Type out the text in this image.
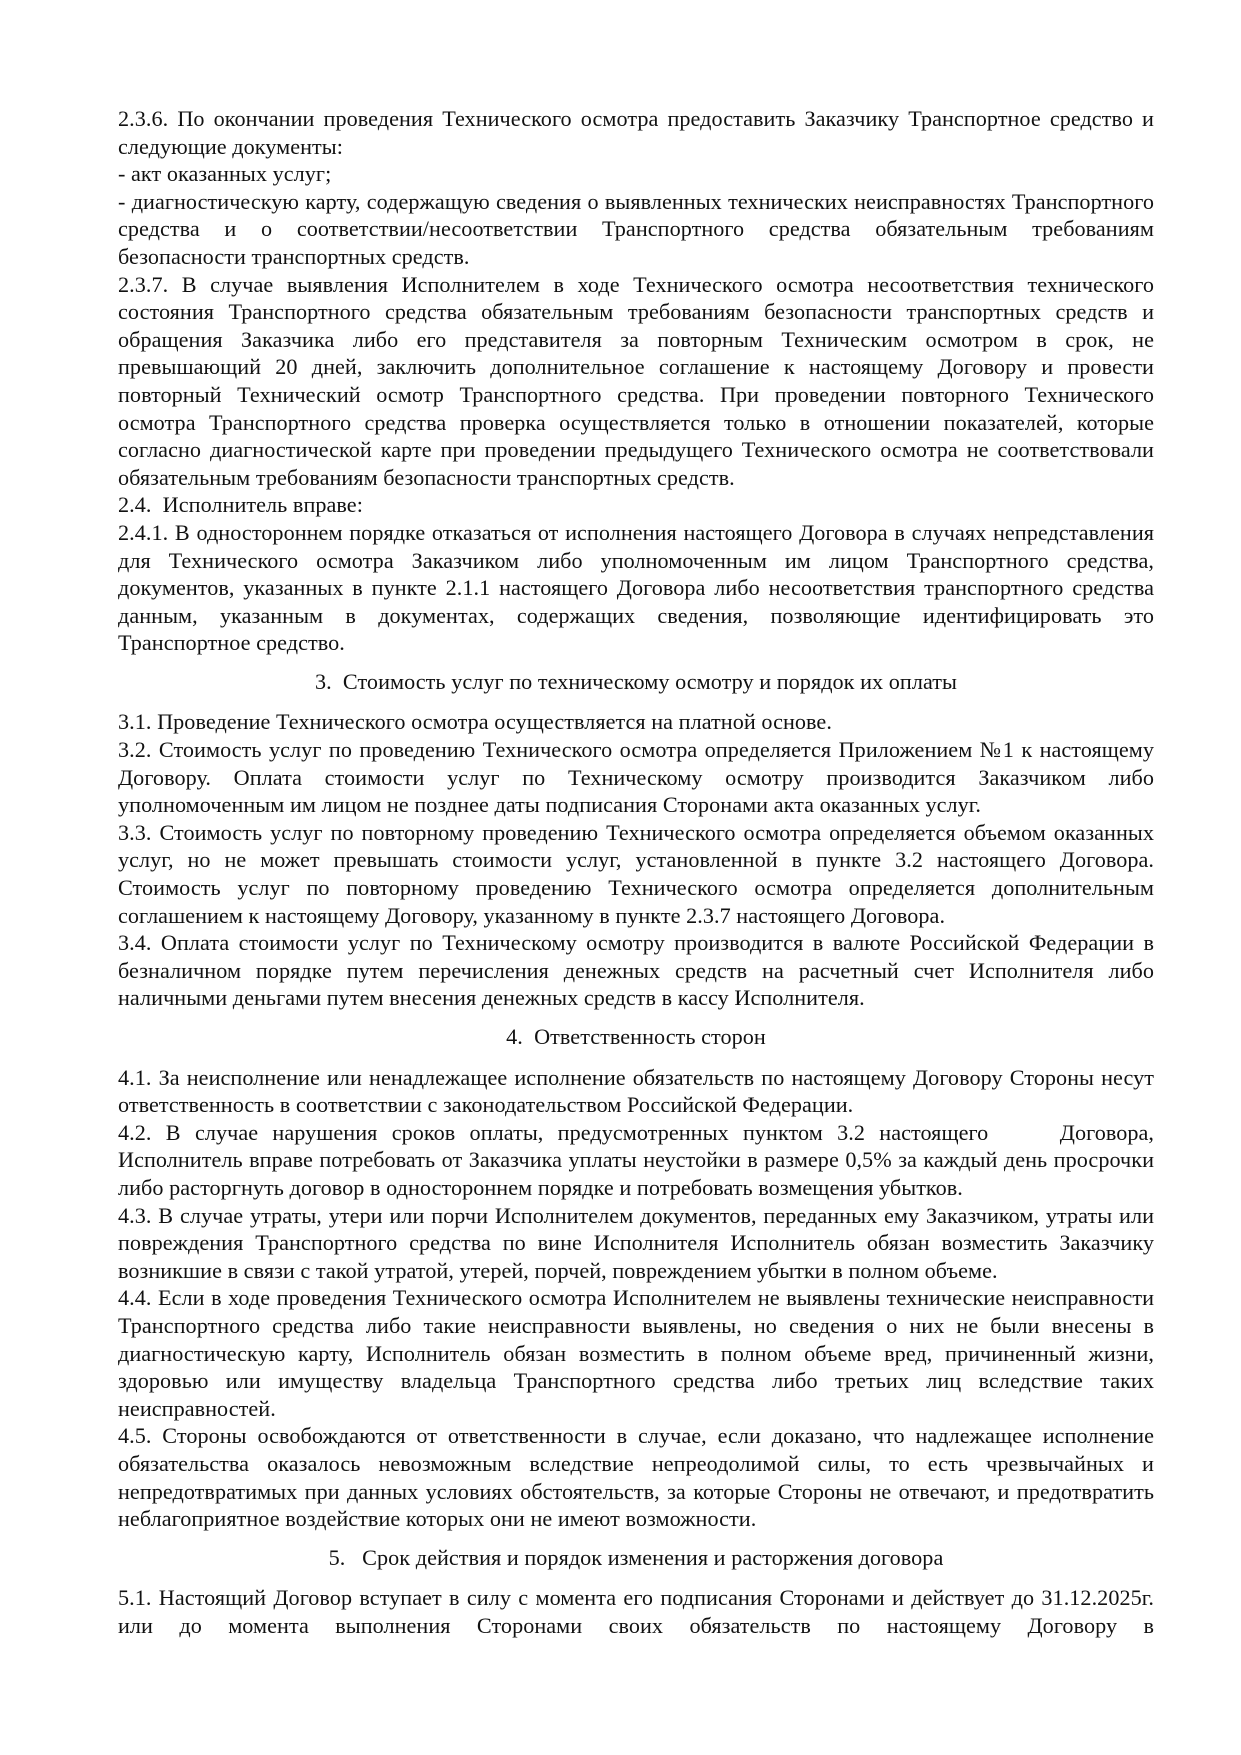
2.3.6. По окончании проведения Технического осмотра предоставить Заказчику Транспортное средство и следующие документы:

- акт оказанных услуг;

- диагностическую карту, содержащую сведения о выявленных технических неисправностях Транспортного средства и о соответствии/несоответствии Транспортного средства обязательным требованиям безопасности транспортных средств.

2.3.7. В случае выявления Исполнителем в ходе Технического осмотра несоответствия технического состояния Транспортного средства обязательным требованиям безопасности транспортных средств и обращения Заказчика либо его представителя за повторным Техническим осмотром в срок, не превышающий 20 дней, заключить дополнительное соглашение к настоящему Договору и провести повторный Технический осмотр Транспортного средства. При проведении повторного Технического осмотра Транспортного средства проверка осуществляется только в отношении показателей, которые согласно диагностической карте при проведении предыдущего Технического осмотра не соответствовали обязательным требованиям безопасности транспортных средств.

2.4.  Исполнитель вправе:

2.4.1. В одностороннем порядке отказаться от исполнения настоящего Договора в случаях непредставления для Технического осмотра Заказчиком либо уполномоченным им лицом Транспортного средства, документов, указанных в пункте 2.1.1 настоящего Договора либо несоответствия транспортного средства данным, указанным в документах, содержащих сведения, позволяющие идентифицировать это Транспортное средство.

3.  Стоимость услуг по техническому осмотру и порядок их оплаты

3.1. Проведение Технического осмотра осуществляется на платной основе.

3.2. Стоимость услуг по проведению Технического осмотра определяется Приложением №1 к настоящему Договору. Оплата стоимости услуг по Техническому осмотру производится Заказчиком либо уполномоченным им лицом не позднее даты подписания Сторонами акта оказанных услуг.

3.3. Стоимость услуг по повторному проведению Технического осмотра определяется объемом оказанных услуг, но не может превышать стоимости услуг, установленной в пункте 3.2 настоящего Договора. Стоимость услуг по повторному проведению Технического осмотра определяется дополнительным соглашением к настоящему Договору, указанному в пункте 2.3.7 настоящего Договора.

3.4. Оплата стоимости услуг по Техническому осмотру производится в валюте Российской Федерации в безналичном порядке путем перечисления денежных средств на расчетный счет Исполнителя либо наличными деньгами путем внесения денежных средств в кассу Исполнителя.

4.  Ответственность сторон

4.1. За неисполнение или ненадлежащее исполнение обязательств по настоящему Договору Стороны несут ответственность в соответствии с законодательством Российской Федерации.

4.2. В случае нарушения сроков оплаты, предусмотренных пунктом 3.2 настоящего     Договора, Исполнитель вправе потребовать от Заказчика уплаты неустойки в размере 0,5% за каждый день просрочки либо расторгнуть договор в одностороннем порядке и потребовать возмещения убытков.

4.3. В случае утраты, утери или порчи Исполнителем документов, переданных ему Заказчиком, утраты или повреждения Транспортного средства по вине Исполнителя Исполнитель обязан возместить Заказчику возникшие в связи с такой утратой, утерей, порчей, повреждением убытки в полном объеме.

4.4. Если в ходе проведения Технического осмотра Исполнителем не выявлены технические неисправности Транспортного средства либо такие неисправности выявлены, но сведения о них не были внесены в диагностическую карту, Исполнитель обязан возместить в полном объеме вред, причиненный жизни, здоровью или имуществу владельца Транспортного средства либо третьих лиц вследствие таких неисправностей.

4.5. Стороны освобождаются от ответственности в случае, если доказано, что надлежащее исполнение обязательства оказалось невозможным вследствие непреодолимой силы, то есть чрезвычайных и непредотвратимых при данных условиях обстоятельств, за которые Стороны не отвечают, и предотвратить неблагоприятное воздействие которых они не имеют возможности.

5.   Срок действия и порядок изменения и расторжения договора

5.1. Настоящий Договор вступает в силу с момента его подписания Сторонами и действует до 31.12.2025г. или до момента выполнения Сторонами своих обязательств по настоящему Договору в
